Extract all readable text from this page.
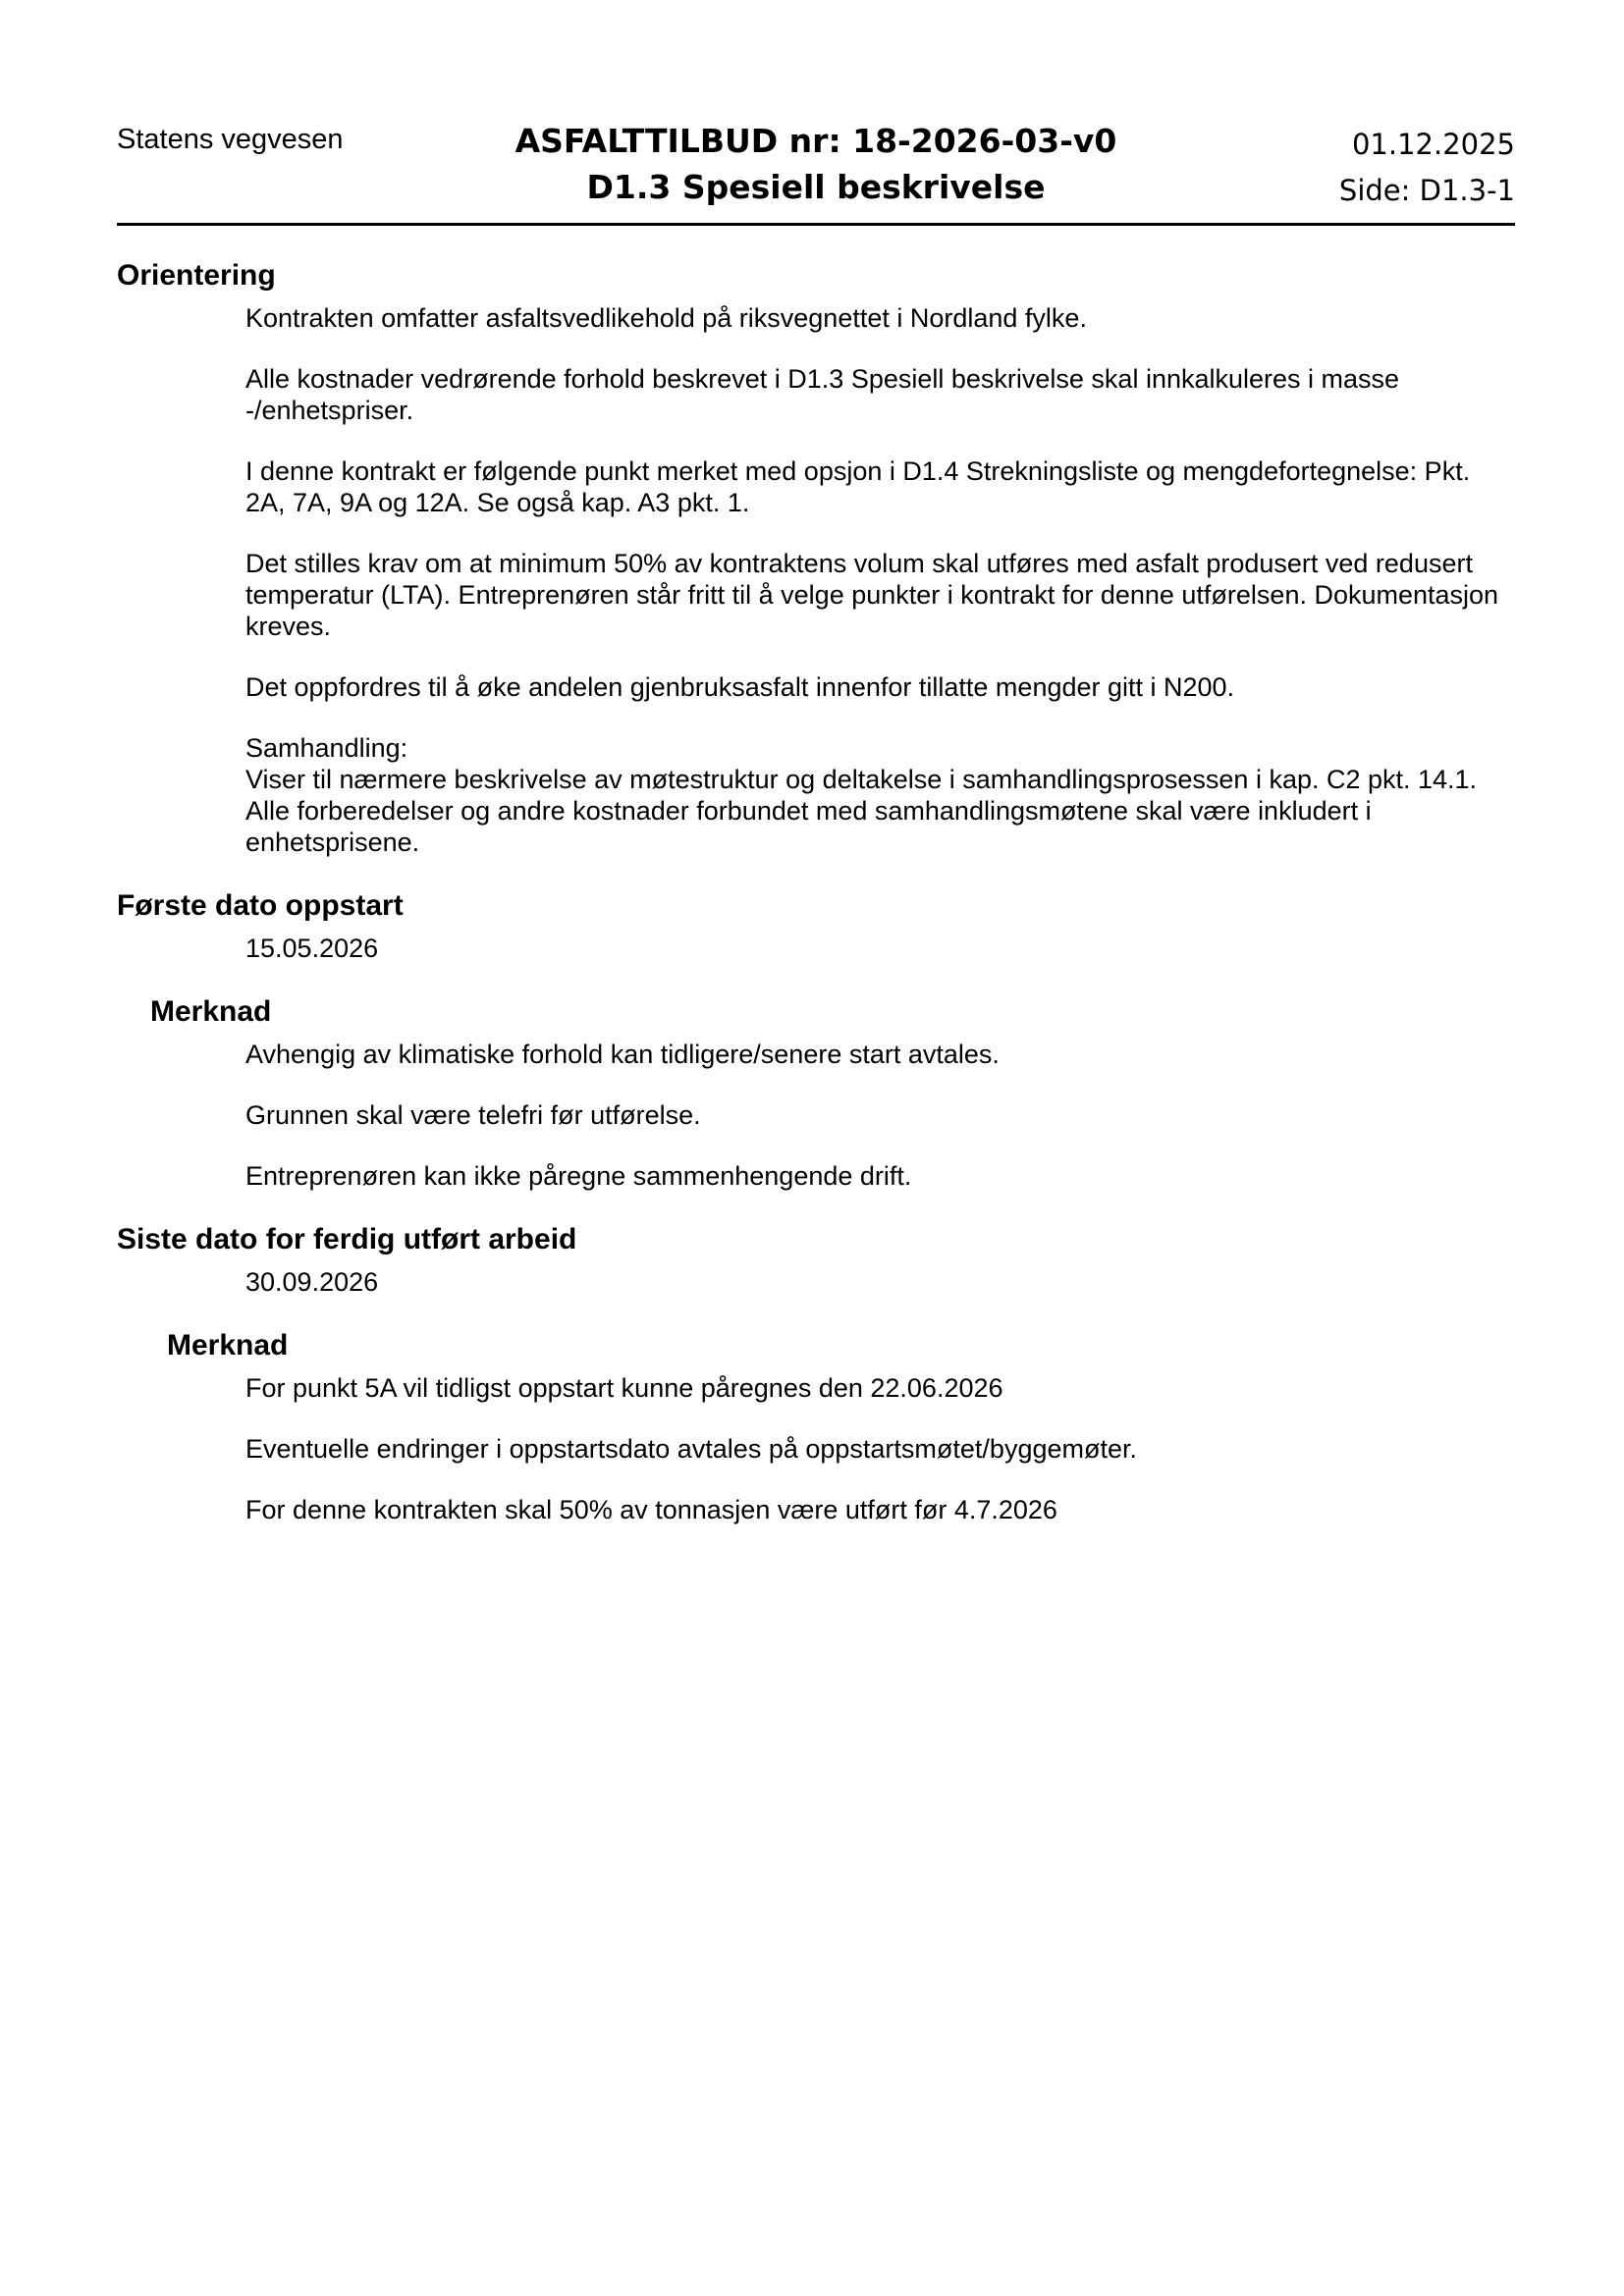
Statens vegvesen	ASFALTTILBUD nr: 18-2026-03-v0
D1.3 Spesiell beskrivelse
01.12.2025
Side: D1.3-1
Orientering

Kontrakten omfatter asfaltsvedlikehold på riksvegnettet i Nordland fylke.

Alle kostnader vedrørende forhold beskrevet i D1.3 Spesiell beskrivelse skal innkalkuleres i masse -/enhetspriser.

I denne kontrakt er følgende punkt merket med opsjon i D1.4 Strekningsliste og mengdefortegnelse: Pkt. 2A, 7A, 9A og 12A. Se også kap. A3 pkt. 1.

Det stilles krav om at minimum 50% av kontraktens volum skal utføres med asfalt produsert ved redusert temperatur (LTA). Entreprenøren står fritt til å velge punkter i kontrakt for denne utførelsen. Dokumentasjon kreves.

Det oppfordres til å øke andelen gjenbruksasfalt innenfor tillatte mengder gitt i N200.

Samhandling:

Viser til nærmere beskrivelse av møtestruktur og deltakelse i samhandlingsprosessen i kap. C2 pkt. 14.1. Alle forberedelser og andre kostnader forbundet med samhandlingsmøtene skal være inkludert i enhetsprisene.

Første dato oppstart

15.05.2026

Merknad

Avhengig av klimatiske forhold kan tidligere/senere start avtales.

Grunnen skal være telefri før utførelse.

Entreprenøren kan ikke påregne sammenhengende drift.

Siste dato for ferdig utført arbeid

30.09.2026

Merknad

For punkt 5A vil tidligst oppstart kunne påregnes den 22.06.2026

Eventuelle endringer i oppstartsdato avtales på oppstartsmøtet/byggemøter.

For denne kontrakten skal 50% av tonnasjen være utført før 4.7.2026
